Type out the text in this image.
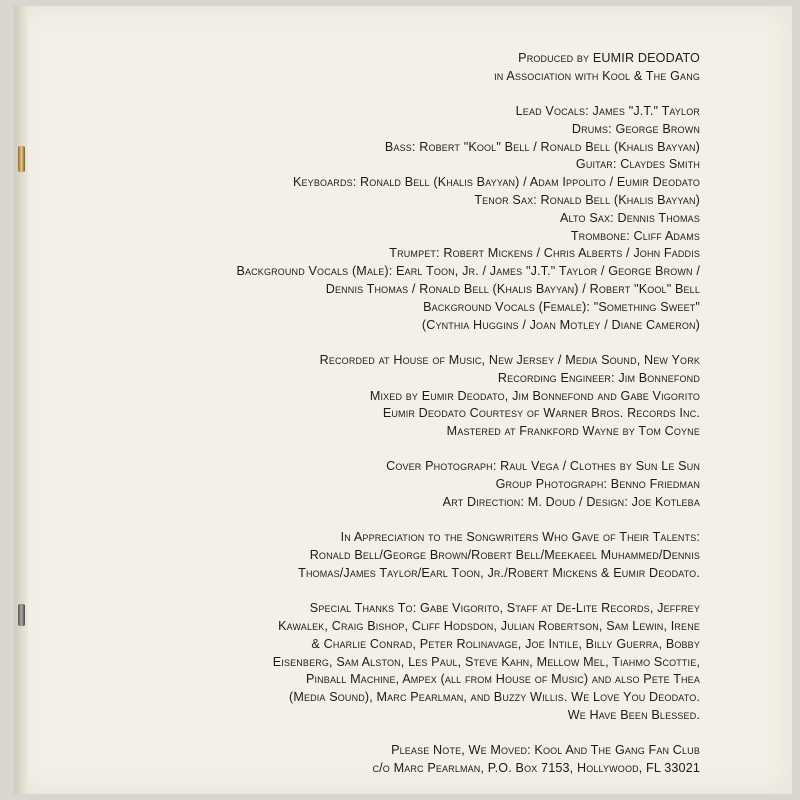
Produced by EUMIR DEODATO
in Association with Kool & The Gang
Lead Vocals: James "J.T." Taylor
Drums: George Brown
Bass: Robert "Kool" Bell / Ronald Bell (Khalis Bayyan)
Guitar: Claydes Smith
Keyboards: Ronald Bell (Khalis Bayyan) / Adam Ippolito / Eumir Deodato
Tenor Sax: Ronald Bell (Khalis Bayyan)
Alto Sax: Dennis Thomas
Trombone: Cliff Adams
Trumpet: Robert Mickens / Chris Alberts / John Faddis
Background Vocals (Male): Earl Toon, Jr. / James "J.T." Taylor / George Brown /
Dennis Thomas / Ronald Bell (Khalis Bayyan) / Robert "Kool" Bell
Background Vocals (Female): "Something Sweet"
(Cynthia Huggins / Joan Motley / Diane Cameron)
Recorded at House of Music, New Jersey / Media Sound, New York
Recording Engineer: Jim Bonnefond
Mixed by Eumir Deodato, Jim Bonnefond and Gabe Vigorito
Eumir Deodato Courtesy of Warner Bros. Records Inc.
Mastered at Frankford Wayne by Tom Coyne
Cover Photograph: Raul Vega / Clothes by Sun Le Sun
Group Photograph: Benno Friedman
Art Direction: M. Doud / Design: Joe Kotleba
In Appreciation to the Songwriters Who Gave of Their Talents:
Ronald Bell/George Brown/Robert Bell/Meekaeel Muhammed/Dennis
Thomas/James Taylor/Earl Toon, Jr./Robert Mickens & Eumir Deodato.
Special Thanks To: Gabe Vigorito, Staff at De-Lite Records, Jeffrey
Kawalek, Craig Bishop, Cliff Hodsdon, Julian Robertson, Sam Lewin, Irene
& Charlie Conrad, Peter Rolinavage, Joe Intile, Billy Guerra, Bobby
Eisenberg, Sam Alston, Les Paul, Steve Kahn, Mellow Mel, Tiahmo Scottie,
Pinball Machine, Ampex (all from House of Music) and also Pete Thea
(Media Sound), Marc Pearlman, and Buzzy Willis. We Love You Deodato.
We Have Been Blessed.
Please Note, We Moved: Kool And The Gang Fan Club
c/o Marc Pearlman, P.O. Box 7153, Hollywood, FL 33021
